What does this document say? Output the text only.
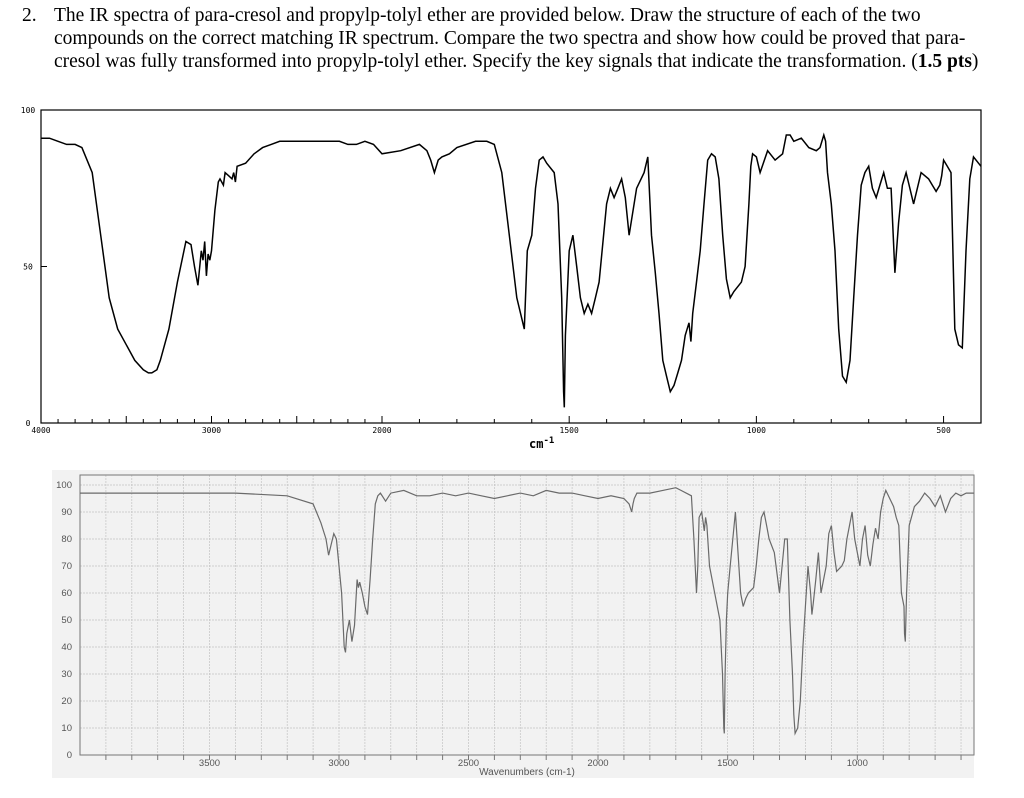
2. The IR spectra of para-cresol and propylp-tolyl ether are provided below. Draw the structure of each of the two compounds on the correct matching IR spectrum. Compare the two spectra and show how could be proved that para-cresol was fully transformed into propylp-tolyl ether. Specify the key signals that indicate the transformation. (1.5 pts)
4000	3000	2000	1500	1000	500
100
50
0
$cm^{-1}$
3500	3000	2500	2000	1500	1000
100
90
80
70
60
50
40
30
20
10
0
Wavenumbers (cm-1)
